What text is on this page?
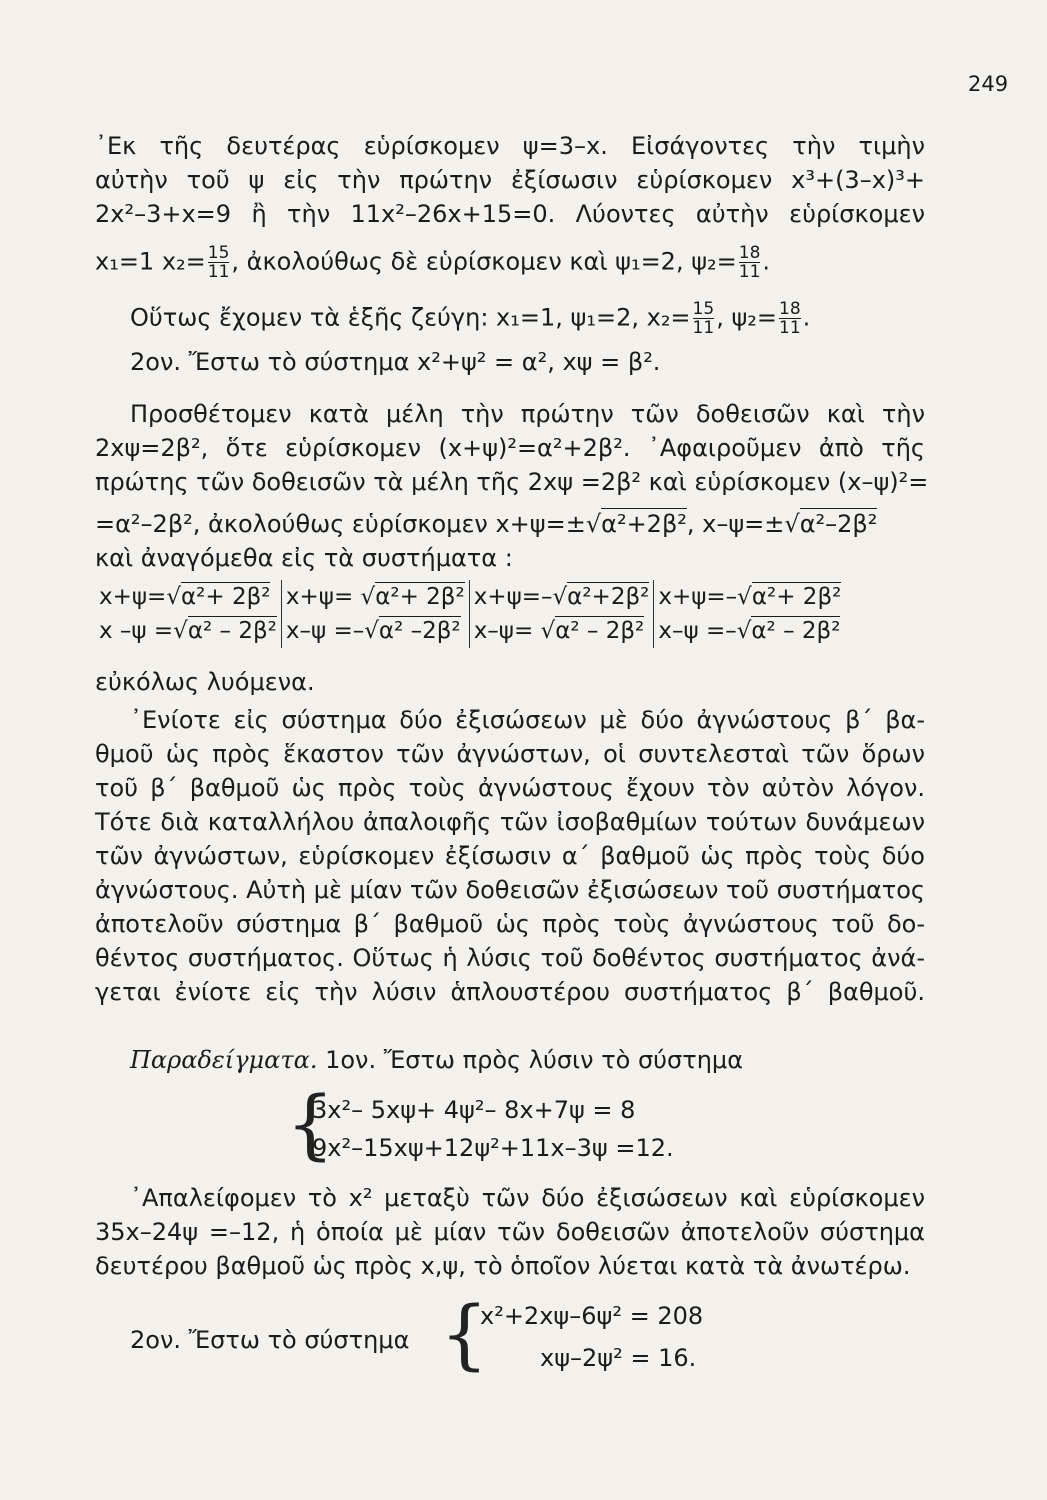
249
᾿Εκ τῆς δευτέρας εὑρίσκομεν ψ=3–x. Εἰσάγοντες τὴν τιμὴν
αὐτὴν τοῦ ψ εἰς τὴν πρώτην ἐξίσωσιν εὑρίσκομεν x³+(3–x)³+
2x²–3+x=9 ἢ τὴν 11x²–26x+15=0. Λύοντες αὐτὴν εὑρίσκομεν
x₁=1 $x_2= \frac{15}{11}$ , ἀκολούθως δὲ εὑρίσκομεν καὶ ψ₁=2, $\psi_2= \frac{18}{11}$ .
Οὕτως ἔχομεν τὰ ἑξῆς ζεύγη: x₁=1, ψ₁=2, $x_2= \frac{15}{11}$ , $\psi_2= \frac{18}{11}$ .
2ον. Ἔστω τὸ σύστημα x²+ψ² = α², xψ = β².
Προσθέτομεν κατὰ μέλη τὴν πρώτην τῶν δοθεισῶν καὶ τὴν
2xψ=2β², ὅτε εὑρίσκομεν (x+ψ)²=α²+2β². ᾿Αφαιροῦμεν ἀπὸ τῆς
πρώτης τῶν δοθεισῶν τὰ μέλη τῆς 2xψ =2β² καὶ εὑρίσκομεν (x–ψ)²=
=α²–2β², ἀκολούθως εὑρίσκομεν x+ψ=±√α²+2β², x–ψ=±√α²–2β²
καὶ ἀναγόμεθα εἰς τὰ συστήματα :
x+ψ=√α²+ 2β²	x+ψ= √α²+ 2β²	x+ψ=–√α²+2β²	x+ψ=–√α²+ 2β²
x –ψ =√α² – 2β²	x–ψ =–√α² –2β²	x–ψ= √α² – 2β²	x–ψ =–√α² – 2β²
εὐκόλως λυόμενα.
᾿Ενίοτε εἰς σύστημα δύο ἐξισώσεων μὲ δύο ἀγνώστους β΄ βα-
θμοῦ ὡς πρὸς ἕκαστον τῶν ἀγνώστων, οἱ συντελεσταὶ τῶν ὅρων
τοῦ β΄ βαθμοῦ ὡς πρὸς τοὺς ἀγνώστους ἔχουν τὸν αὐτὸν λόγον.
Τότε διὰ καταλλήλου ἀπαλοιφῆς τῶν ἰσοβαθμίων τούτων δυνάμεων
τῶν ἀγνώστων, εὑρίσκομεν ἐξίσωσιν α΄ βαθμοῦ ὡς πρὸς τοὺς δύο
ἀγνώστους. Αὐτὴ μὲ μίαν τῶν δοθεισῶν ἐξισώσεων τοῦ συστήματος
ἀποτελοῦν σύστημα β΄ βαθμοῦ ὡς πρὸς τοὺς ἀγνώστους τοῦ δο-
θέντος συστήματος. Οὕτως ἡ λύσις τοῦ δοθέντος συστήματος ἀνά-
γεται ἐνίοτε εἰς τὴν λύσιν ἁπλουστέρου συστήματος β΄ βαθμοῦ.
Παραδείγματα. 1ον. Ἔστω πρὸς λύσιν τὸ σύστημα
{
3x²– 5xψ+ 4ψ²– 8x+7ψ = 8
9x²–15xψ+12ψ²+11x–3ψ =12.
᾿Απαλείφομεν τὸ x² μεταξὺ τῶν δύο ἐξισώσεων καὶ εὑρίσκομεν
35x–24ψ =–12, ἡ ὁποία μὲ μίαν τῶν δοθεισῶν ἀποτελοῦν σύστημα
δευτέρου βαθμοῦ ὡς πρὸς x,ψ, τὸ ὁποῖον λύεται κατὰ τὰ ἀνωτέρω.
2ον. Ἔστω τὸ σύστημα {
x²+2xψ–6ψ² = 208
xψ–2ψ² = 16.
